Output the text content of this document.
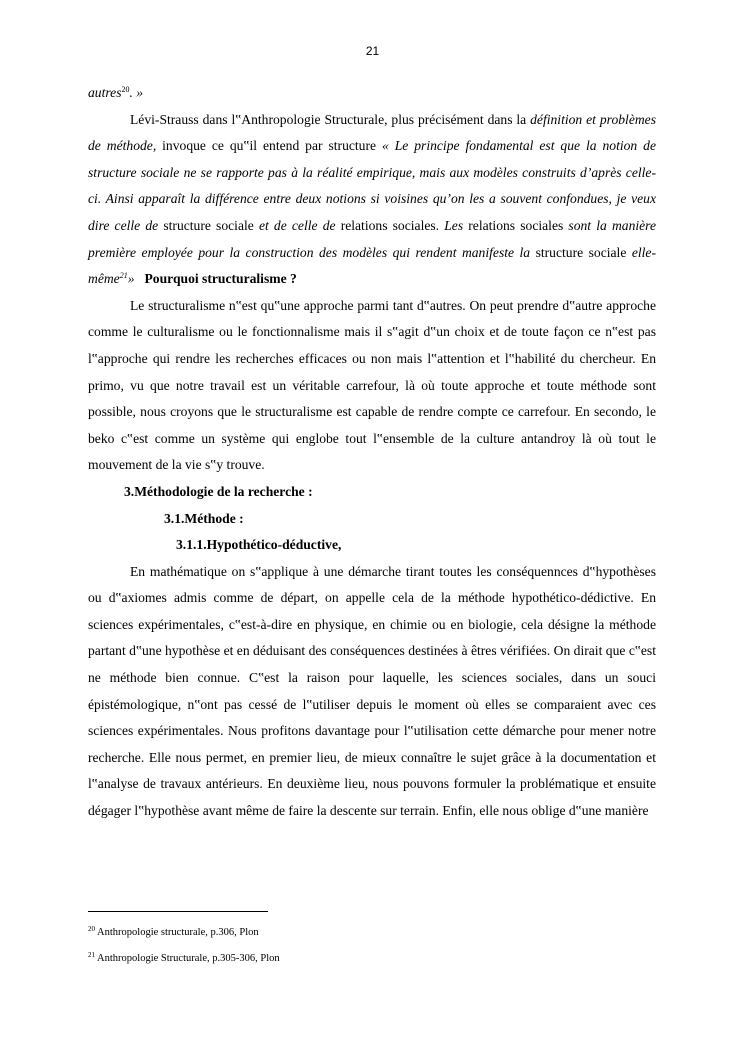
21

autres$^{20}$. »

Lévi-Strauss dans l‟Anthropologie Structurale, plus précisément dans la définition et problèmes de méthode, invoque ce qu‟il entend par structure « Le principe fondamental est que la notion de structure sociale ne se rapporte pas à la réalité empirique, mais aux modèles construits d’après celle-ci. Ainsi apparaît la différence entre deux notions si voisines qu’on les a souvent confondues, je veux dire celle de structure sociale et de celle de relations sociales. Les relations sociales sont la manière première employée pour la construction des modèles qui rendent manifeste la structure sociale elle-même$^{21}$» Pourquoi structuralisme ?

Le structuralisme n‟est qu‟une approche parmi tant d‟autres. On peut prendre d‟autre approche comme le culturalisme ou le fonctionnalisme mais il s‟agit d‟un choix et de toute façon ce n‟est pas l‟approche qui rendre les recherches efficaces ou non mais l‟attention et l‟habilité du chercheur. En primo, vu que notre travail est un véritable carrefour, là où toute approche et toute méthode sont possible, nous croyons que le structuralisme est capable de rendre compte ce carrefour. En secondo, le beko c‟est comme un système qui englobe tout l‟ensemble de la culture antandroy là où tout le mouvement de la vie s‟y trouve.

3.Méthodologie de la recherche :

3.1.Méthode :

3.1.1.Hypothético-déductive,

En mathématique on s‟applique à une démarche tirant toutes les conséquennces d‟hypothèses ou d‟axiomes admis comme de départ, on appelle cela de la méthode hypothético-dédictive. En sciences expérimentales, c‟est-à-dire en physique, en chimie ou en biologie, cela désigne la méthode partant d‟une hypothèse et en déduisant des conséquences destinées à êtres vérifiées. On dirait que c‟est ne méthode bien connue. C‟est la raison pour laquelle, les sciences sociales, dans un souci épistémologique, n‟ont pas cessé de l‟utiliser depuis le moment où elles se comparaient avec ces sciences expérimentales. Nous profitons davantage pour l‟utilisation cette démarche pour mener notre recherche. Elle nous permet, en premier lieu, de mieux connaître le sujet grâce à la documentation et l‟analyse de travaux antérieurs. En deuxième lieu, nous pouvons formuler la problématique et ensuite dégager l‟hypothèse avant même de faire la descente sur terrain. Enfin, elle nous oblige d‟une manière

$^{20}$ Anthropologie structurale, p.306, Plon

$^{21}$ Anthropologie Structurale, p.305-306, Plon
